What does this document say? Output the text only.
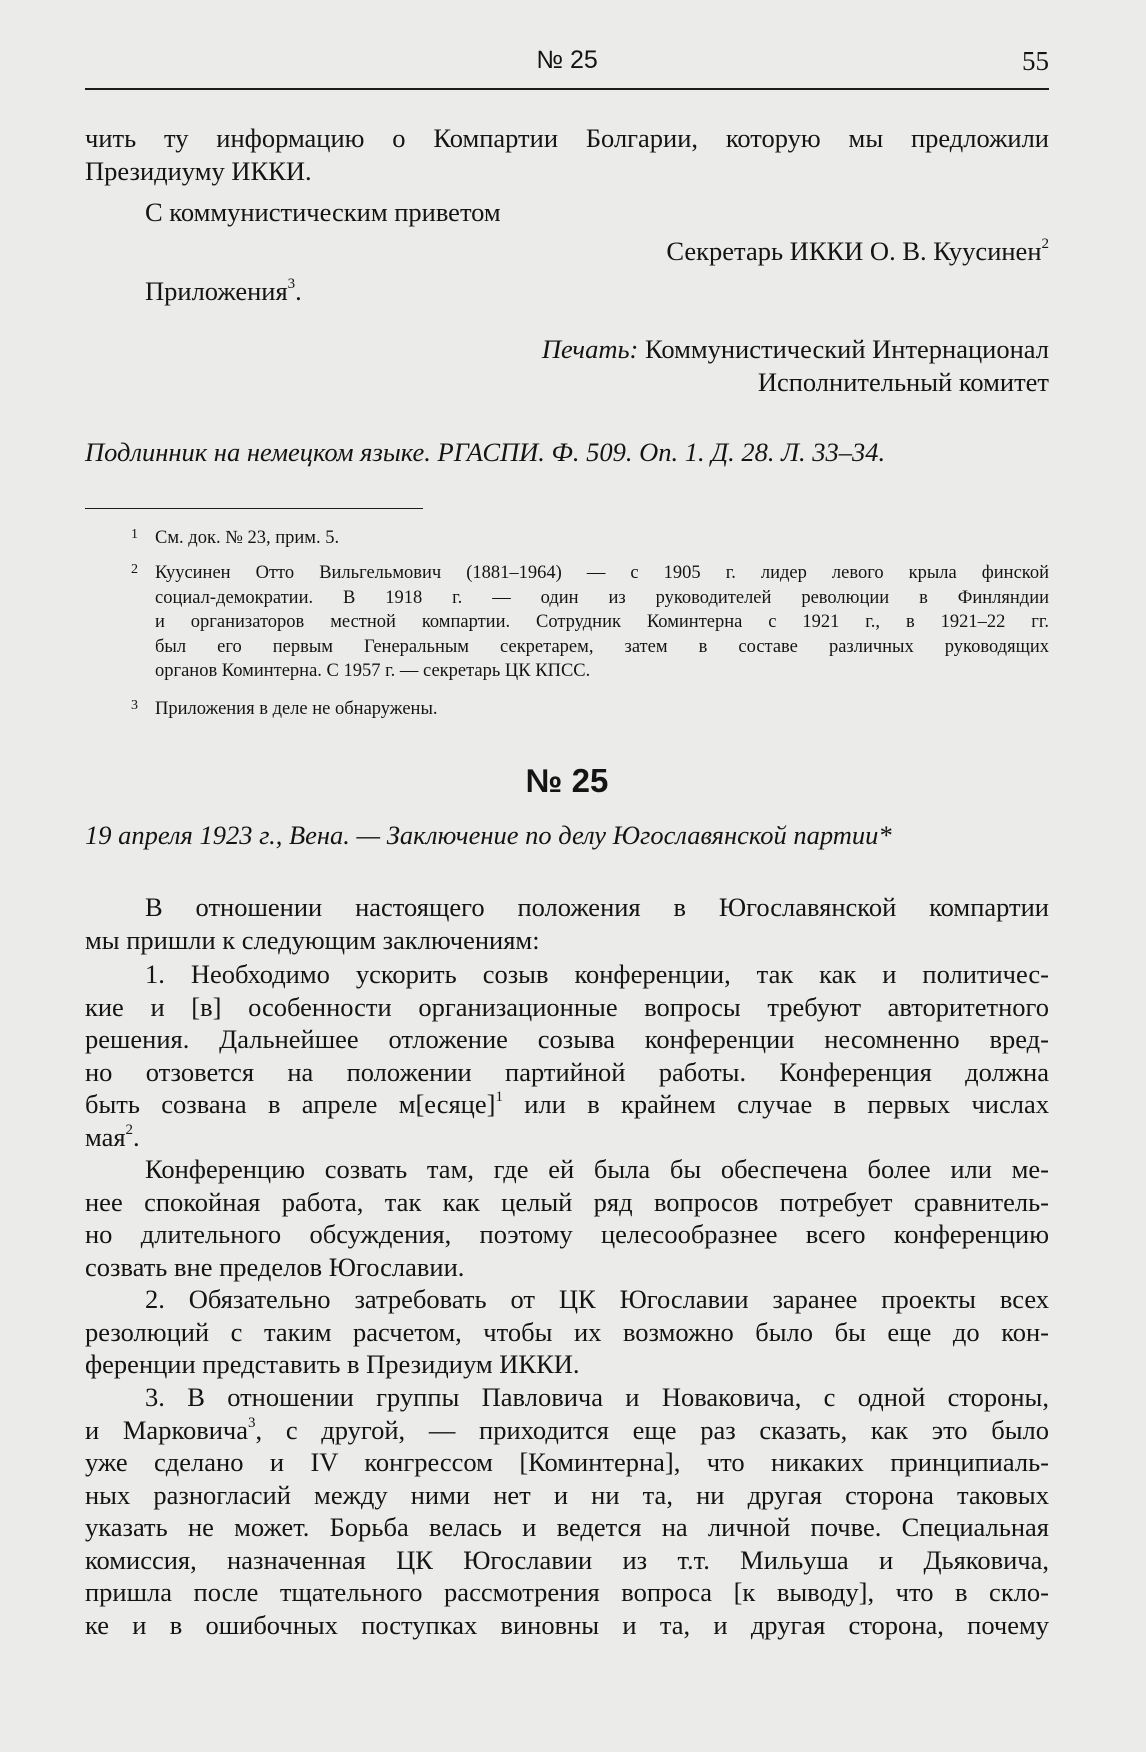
№ 25	55
чить ту информацию о Компартии Болгарии, которую мы предложили
Президиуму ИККИ.
С коммунистическим приветом
Секретарь ИККИ О. В. Куусинен$^2$
Приложения$^3$.
Печать: Коммунистический Интернационал
Исполнительный комитет
Подлинник на немецком языке. РГАСПИ. Ф. 509. Оп. 1. Д. 28. Л. 33–34.
1 См. док. № 23, прим. 5.
2 Куусинен Отто Вильгельмович (1881–1964) — с 1905 г. лидер левого крыла финской
социал-демократии. В 1918 г. — один из руководителей революции в Финляндии
и организаторов местной компартии. Сотрудник Коминтерна с 1921 г., в 1921–22 гг.
был его первым Генеральным секретарем, затем в составе различных руководящих
органов Коминтерна. С 1957 г. — секретарь ЦК КПСС.
3 Приложения в деле не обнаружены.
№ 25
19 апреля 1923 г., Вена. — Заключение по делу Югославянской партии*
В отношении настоящего положения в Югославянской компартии
мы пришли к следующим заключениям:
1. Необходимо ускорить созыв конференции, так как и политичес-
кие и [в] особенности организационные вопросы требуют авторитетного
решения. Дальнейшее отложение созыва конференции несомненно вред-
но отзовется на положении партийной работы. Конференция должна
быть созвана в апреле м[есяце]$^1$ или в крайнем случае в первых числах
мая$^2$.
Конференцию созвать там, где ей была бы обеспечена более или ме-
нее спокойная работа, так как целый ряд вопросов потребует сравнитель-
но длительного обсуждения, поэтому целесообразнее всего конференцию
созвать вне пределов Югославии.
2. Обязательно затребовать от ЦК Югославии заранее проекты всех
резолюций с таким расчетом, чтобы их возможно было бы еще до кон-
ференции представить в Президиум ИККИ.
3. В отношении группы Павловича и Новаковича, с одной стороны,
и Марковича$^3$, с другой, — приходится еще раз сказать, как это было
уже сделано и IV конгрессом [Коминтерна], что никаких принципиаль-
ных разногласий между ними нет и ни та, ни другая сторона таковых
указать не может. Борьба велась и ведется на личной почве. Специальная
комиссия, назначенная ЦК Югославии из т.т. Мильуша и Дьяковича,
пришла после тщательного рассмотрения вопроса [к выводу], что в скло-
ке и в ошибочных поступках виновны и та, и другая сторона, почему
